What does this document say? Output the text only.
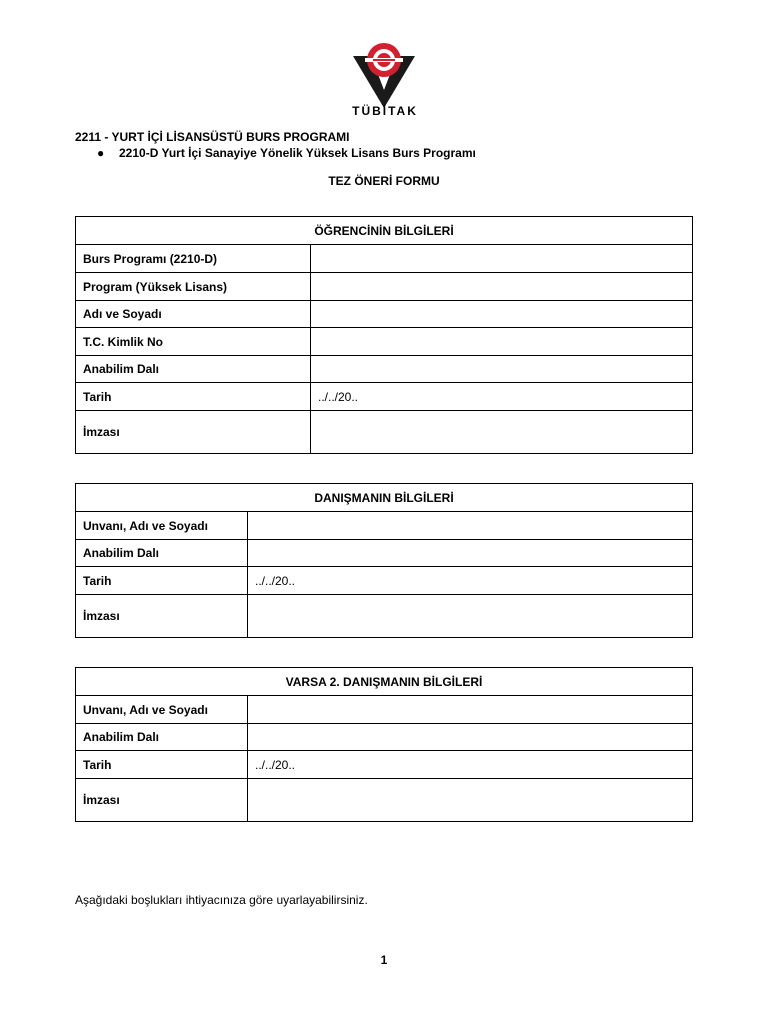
TÜBİTAK
2211 - YURT İÇİ LİSANSÜSTÜ BURS PROGRAMI
● 2210-D Yurt İçi Sanayiye Yönelik Yüksek Lisans Burs Programı
TEZ ÖNERİ FORMU
ÖĞRENCİNİN BİLGİLERİ	
Burs Programı (2210-D)	
Program (Yüksek Lisans)	
Adı ve Soyadı	
T.C. Kimlik No	
Anabilim Dalı	
Tarih	../../20..
İmzası	
DANIŞMANIN BİLGİLERİ	
Unvanı, Adı ve Soyadı	
Anabilim Dalı	
Tarih	../../20..
İmzası	
VARSA 2. DANIŞMANIN BİLGİLERİ	
Unvanı, Adı ve Soyadı	
Anabilim Dalı	
Tarih	../../20..
İmzası	
Aşağıdaki boşlukları ihtiyacınıza göre uyarlayabilirsiniz.
1
